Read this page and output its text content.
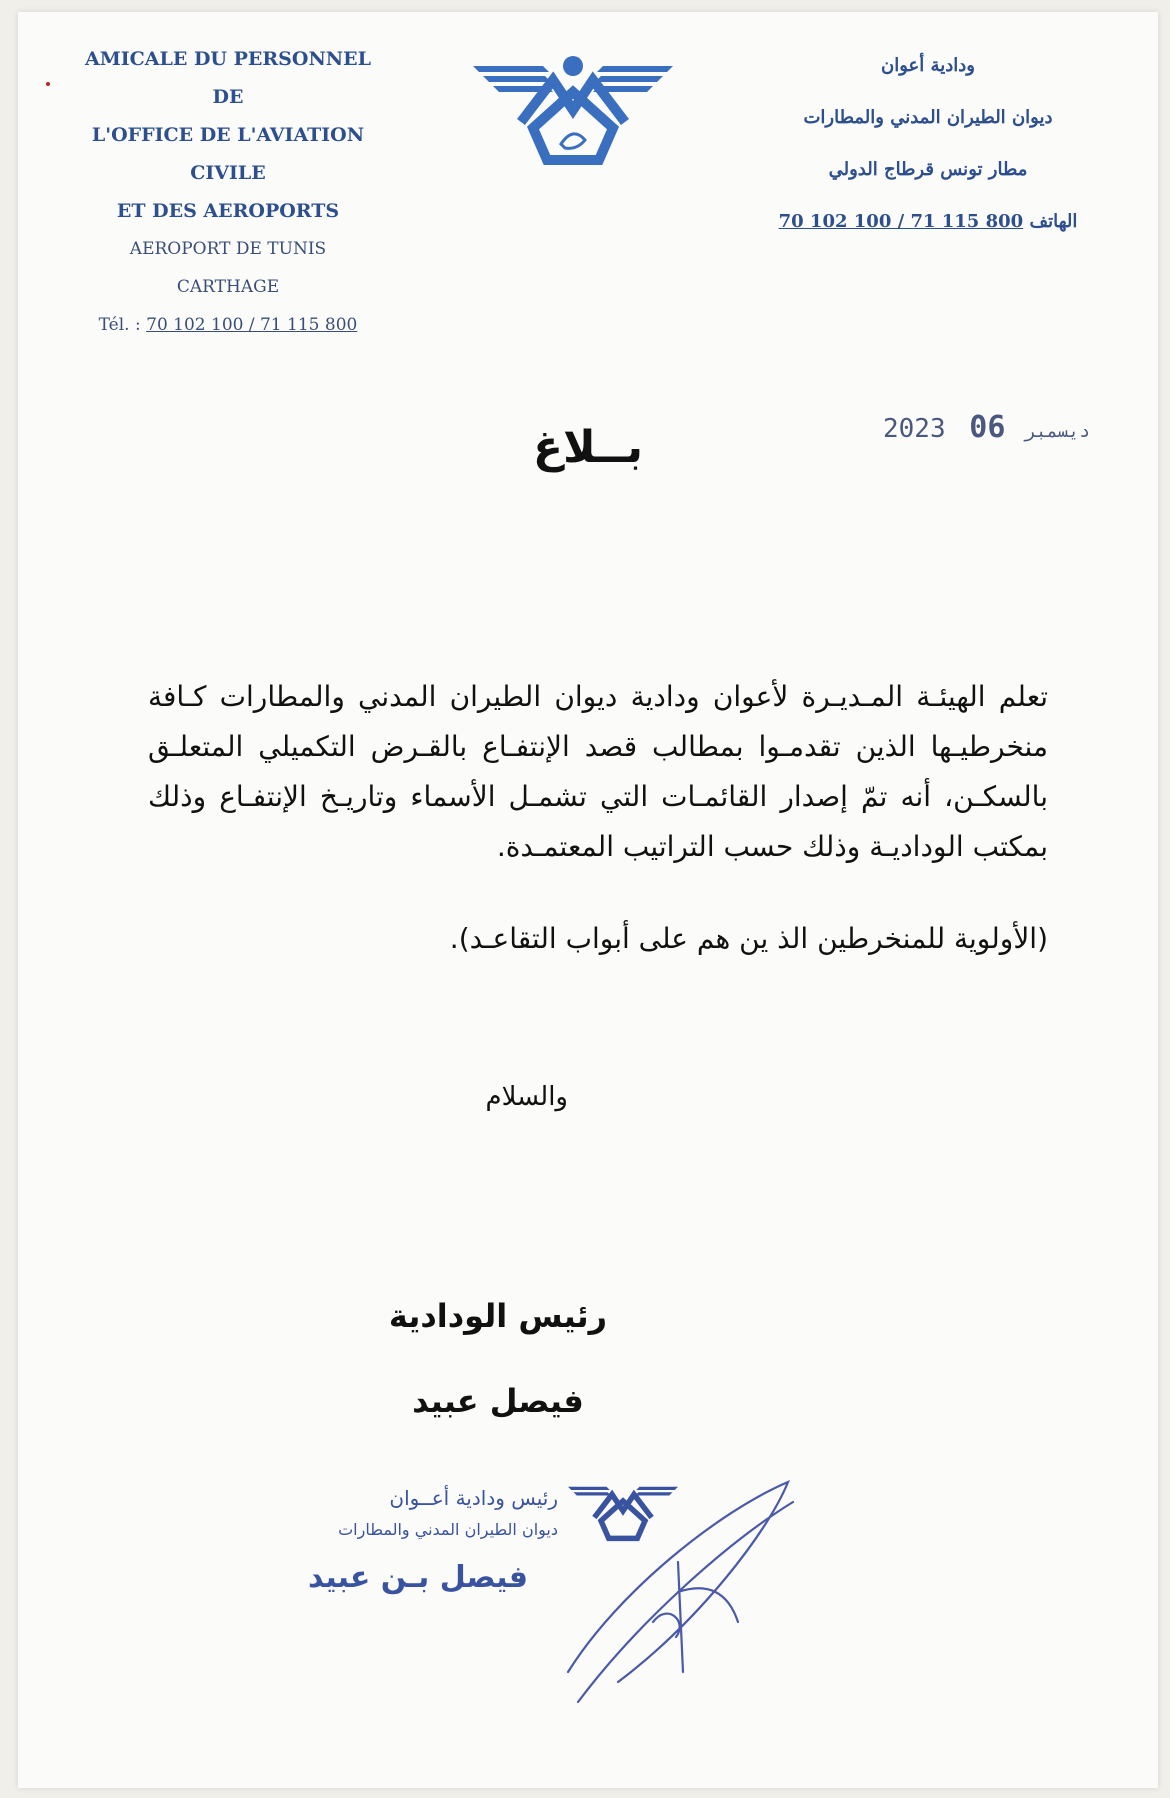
AMICALE DU PERSONNEL DE
L'OFFICE DE L'AVIATION CIVILE
ET DES AEROPORTS
AEROPORT DE TUNIS CARTHAGE
Tél. : 70 102 100 / 71 115 800
ودادية أعوان
ديوان الطيران المدني والمطارات
مطار تونس قرطاج الدولي
الهاتف 70 102 100 / 71 115 800
2023	ديسمبر 06
بــلاغ
تعلم الهيئـة المـديـرة لأعوان ودادية ديوان الطيران المدني والمطارات كـافة منخرطيـها الذين تقدمـوا بمطالب قصد الإنتفـاع بالقـرض التكميلي المتعلـق بالسكـن، أنه تمّ إصدار القائمـات التي تشمـل الأسماء وتاريـخ الإنتفـاع وذلك بمكتب الوداديـة وذلك حسب التراتيب المعتمـدة.
(الأولوية للمنخرطين الذ ين هم على أبواب التقاعـد).
والسلام
رئيس الودادية
فيصل عبيد
رئيس ودادية أعــوان
ديوان الطيران المدني والمطارات
فيصل بـن عبيد
